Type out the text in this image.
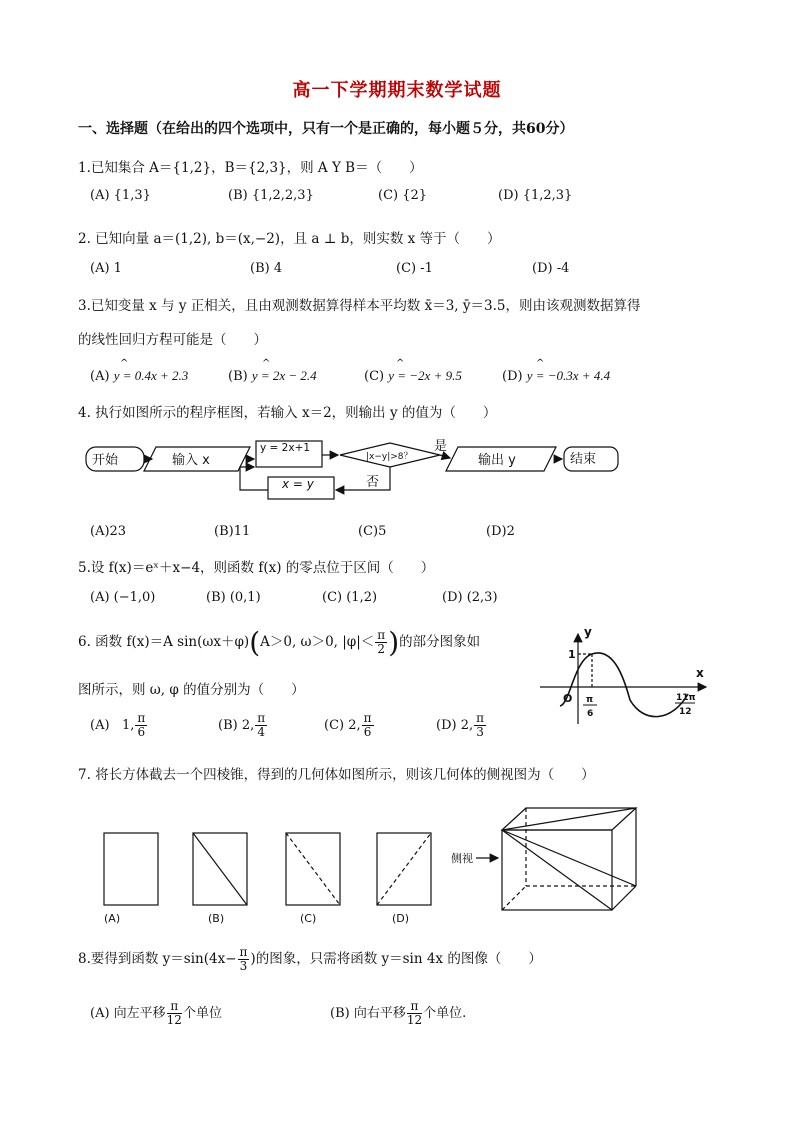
高一下学期期末数学试题
一、选择题（在给出的四个选项中，只有一个是正确的，每小题５分，共60分）
1.已知集合 A＝{1,2}，B＝{2,3}，则 A Y B＝（　　）
(A) {1,3}	(B) {1,2,2,3}	(C) {2}	(D) {1,2,3}
2. 已知向量 a＝(1,2), b＝(x,−2)，且 a ⊥ b，则实数 x 等于（　　）
(A) 1	(B) 4	(C) -1	(D) -4
3.已知变量 x 与 y 正相关，且由观测数据算得样本平均数 x̄＝3, ȳ＝3.5，则由该观测数据算得
的线性回归方程可能是（　　）
(A) y = 0.4x + 2.3	(B) y = 2x − 2.4	(C) y = −2x + 9.5	(D) y = −0.3x + 4.4
^	^	^	^
4. 执行如图所示的程序框图，若输入 x＝2，则输出 y 的值为（　　）
开始	输入 x
y = 2x+1
|x−y|>8？
是
否
输出 y	结束
x = y
y
x
O
1
π
6
11π
12
(A)	(B)	(C)	(D)
侧视
(A)23	(B)11	(C)5	(D)2
5.设 f(x)＝eˣ＋x−4，则函数 f(x) 的零点位于区间（　　）
(A) (−1,0)	(B) (0,1)	(C) (1,2)	(D) (2,3)
6. 函数 f(x)＝A sin(ωx＋φ)(A＞0, ω＞0, $|\varphi|< \frac{\pi}{2}$ )的部分图象如
图所示，则 ω, φ 的值分别为（　　）
(A) 1, $\frac{\pi}{6}$	(B) 2, $\frac{\pi}{4}$	(C) 2, $\frac{\pi}{6}$	(D) 2, $\frac{\pi}{3}$
7. 将长方体截去一个四棱锥，得到的几何体如图所示，则该几何体的侧视图为（　　）
8.要得到函数 $y=\sin(4x- \frac{\pi}{3}$ )的图象，只需将函数 y＝sin 4x 的图像（　　）
(A) 向左平移 $\frac{\pi}{12}$ 个单位	(B) 向右平移 $\frac{\pi}{12}$ 个单位.
